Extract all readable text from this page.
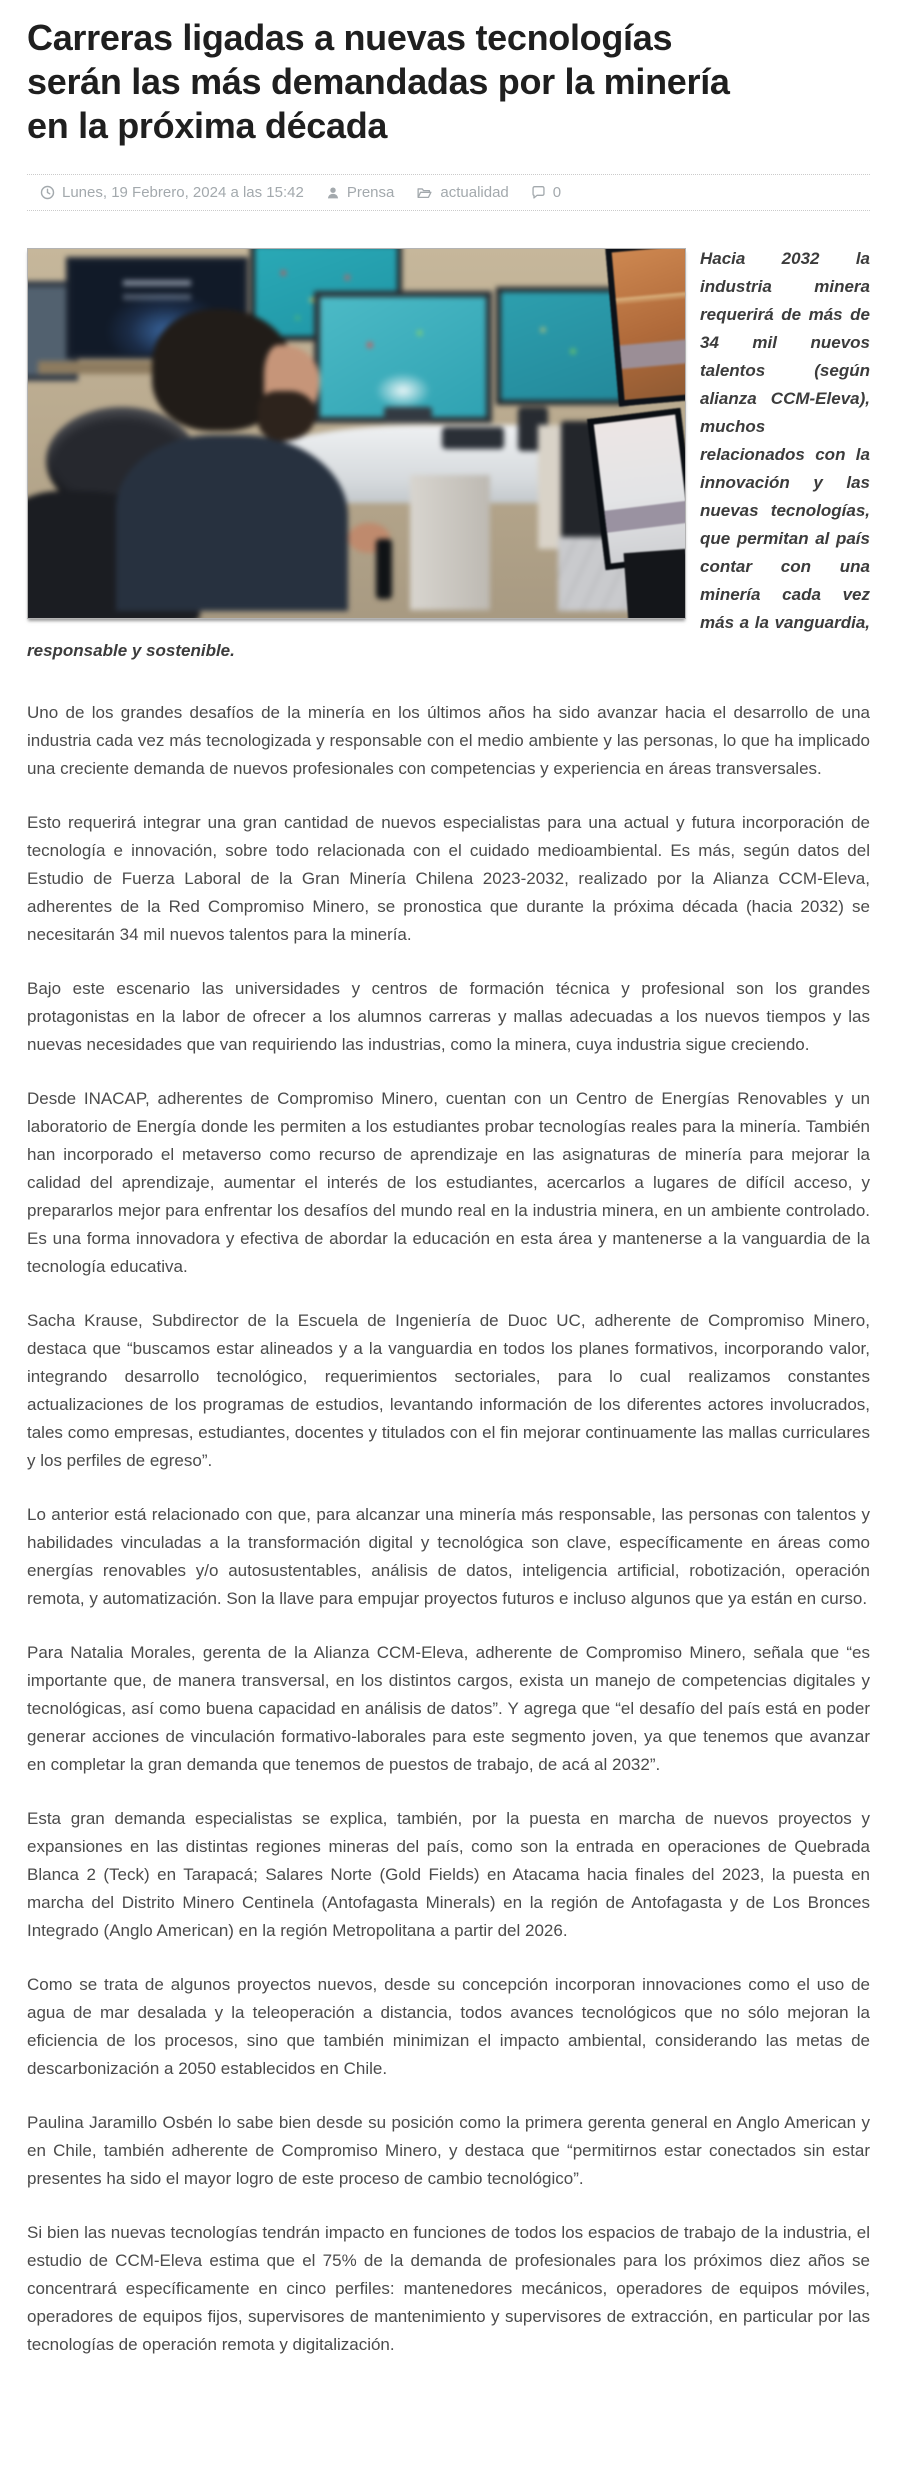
Carreras ligadas a nuevas tecnologías serán las más demandadas por la minería en la próxima década
Lunes, 19 Febrero, 2024 a las 15:42	Prensa	actualidad	0

Hacia 2032 la industria minera requerirá de más de 34 mil nuevos talentos (según alianza CCM-Eleva), muchos relacionados con la innovación y las nuevas tecnologías, que permitan al país contar con una minería cada vez más a la vanguardia, responsable y sostenible.

Uno de los grandes desafíos de la minería en los últimos años ha sido avanzar hacia el desarrollo de una industria cada vez más tecnologizada y responsable con el medio ambiente y las personas, lo que ha implicado una creciente demanda de nuevos profesionales con competencias y experiencia en áreas transversales.

Esto requerirá integrar una gran cantidad de nuevos especialistas para una actual y futura incorporación de tecnología e innovación, sobre todo relacionada con el cuidado medioambiental. Es más, según datos del Estudio de Fuerza Laboral de la Gran Minería Chilena 2023-2032, realizado por la Alianza CCM-Eleva, adherentes de la Red Compromiso Minero, se pronostica que durante la próxima década (hacia 2032) se necesitarán 34 mil nuevos talentos para la minería.

Bajo este escenario las universidades y centros de formación técnica y profesional son los grandes protagonistas en la labor de ofrecer a los alumnos carreras y mallas adecuadas a los nuevos tiempos y las nuevas necesidades que van requiriendo las industrias, como la minera, cuya industria sigue creciendo.

Desde INACAP, adherentes de Compromiso Minero, cuentan con un Centro de Energías Renovables y un laboratorio de Energía donde les permiten a los estudiantes probar tecnologías reales para la minería. También han incorporado el metaverso como recurso de aprendizaje en las asignaturas de minería para mejorar la calidad del aprendizaje, aumentar el interés de los estudiantes, acercarlos a lugares de difícil acceso, y prepararlos mejor para enfrentar los desafíos del mundo real en la industria minera, en un ambiente controlado. Es una forma innovadora y efectiva de abordar la educación en esta área y mantenerse a la vanguardia de la tecnología educativa.

Sacha Krause, Subdirector de la Escuela de Ingeniería de Duoc UC, adherente de Compromiso Minero, destaca que “buscamos estar alineados y a la vanguardia en todos los planes formativos, incorporando valor, integrando desarrollo tecnológico, requerimientos sectoriales, para lo cual realizamos constantes actualizaciones de los programas de estudios, levantando información de los diferentes actores involucrados, tales como empresas, estudiantes, docentes y titulados con el fin mejorar continuamente las mallas curriculares y los perfiles de egreso”.

Lo anterior está relacionado con que, para alcanzar una minería más responsable, las personas con talentos y habilidades vinculadas a la transformación digital y tecnológica son clave, específicamente en áreas como energías renovables y/o autosustentables, análisis de datos, inteligencia artificial, robotización, operación remota, y automatización. Son la llave para empujar proyectos futuros e incluso algunos que ya están en curso.

Para Natalia Morales, gerenta de la Alianza CCM-Eleva, adherente de Compromiso Minero, señala que “es importante que, de manera transversal, en los distintos cargos, exista un manejo de competencias digitales y tecnológicas, así como buena capacidad en análisis de datos”. Y agrega que “el desafío del país está en poder generar acciones de vinculación formativo-laborales para este segmento joven, ya que tenemos que avanzar en completar la gran demanda que tenemos de puestos de trabajo, de acá al 2032”.

Esta gran demanda especialistas se explica, también, por la puesta en marcha de nuevos proyectos y expansiones en las distintas regiones mineras del país, como son la entrada en operaciones de Quebrada Blanca 2 (Teck) en Tarapacá; Salares Norte (Gold Fields) en Atacama hacia finales del 2023, la puesta en marcha del Distrito Minero Centinela (Antofagasta Minerals) en la región de Antofagasta y de Los Bronces Integrado (Anglo American) en la región Metropolitana a partir del 2026.

Como se trata de algunos proyectos nuevos, desde su concepción incorporan innovaciones como el uso de agua de mar desalada y la teleoperación a distancia, todos avances tecnológicos que no sólo mejoran la eficiencia de los procesos, sino que también minimizan el impacto ambiental, considerando las metas de descarbonización a 2050 establecidos en Chile.

Paulina Jaramillo Osbén lo sabe bien desde su posición como la primera gerenta general en Anglo American y en Chile, también adherente de Compromiso Minero, y destaca que “permitirnos estar conectados sin estar presentes ha sido el mayor logro de este proceso de cambio tecnológico”.

Si bien las nuevas tecnologías tendrán impacto en funciones de todos los espacios de trabajo de la industria, el estudio de CCM-Eleva estima que el 75% de la demanda de profesionales para los próximos diez años se concentrará específicamente en cinco perfiles: mantenedores mecánicos, operadores de equipos móviles, operadores de equipos fijos, supervisores de mantenimiento y supervisores de extracción, en particular por las tecnologías de operación remota y digitalización.
